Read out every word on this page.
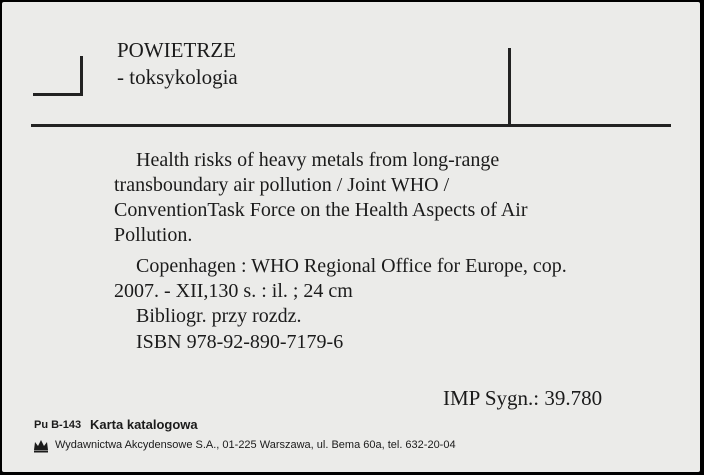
POWIETRZE
- toksykologia
Health risks of heavy metals from long-range
transboundary air pollution / Joint WHO /
ConventionTask Force on the Health Aspects of Air
Pollution.
Copenhagen : WHO Regional Office for Europe, cop.
2007. - XII,130 s. : il. ; 24 cm
Bibliogr. przy rozdz.
ISBN 978-92-890-7179-6
IMP Sygn.: 39.780
Pu B-143 Karta katalogowa
Wydawnictwa Akcydensowe S.A., 01-225 Warszawa, ul. Bema 60a, tel. 632-20-04
